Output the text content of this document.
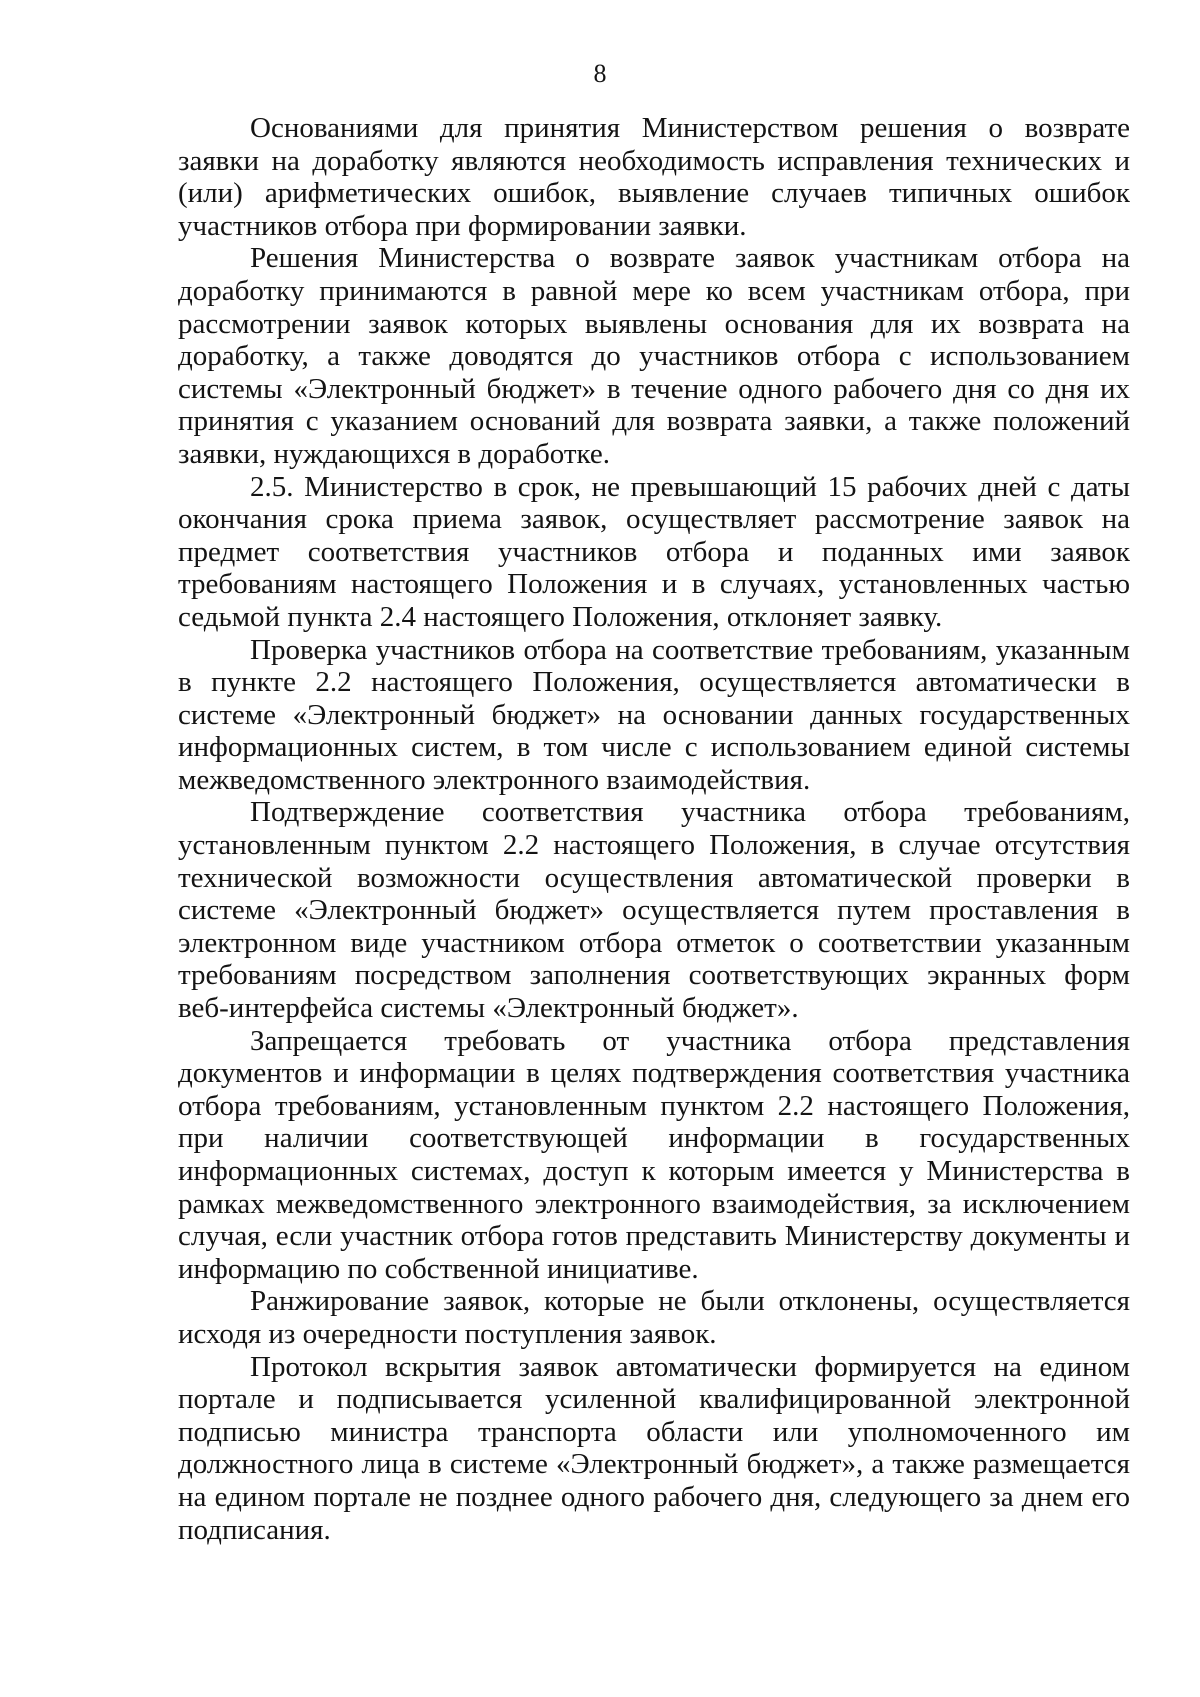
8

Основаниями для принятия Министерством решения о возврате заявки на доработку являются необходимость исправления технических и (или) арифметических ошибок, выявление случаев типичных ошибок участников отбора при формировании заявки.

Решения Министерства о возврате заявок участникам отбора на доработку принимаются в равной мере ко всем участникам отбора, при рассмотрении заявок которых выявлены основания для их возврата на доработку, а также доводятся до участников отбора с использованием системы «Электронный бюджет» в течение одного рабочего дня со дня их принятия с указанием оснований для возврата заявки, а также положений заявки, нуждающихся в доработке.

2.5. Министерство в срок, не превышающий 15 рабочих дней с даты окончания срока приема заявок, осуществляет рассмотрение заявок на предмет соответствия участников отбора и поданных ими заявок требованиям настоящего Положения и в случаях, установленных частью седьмой пункта 2.4 настоящего Положения, отклоняет заявку.

Проверка участников отбора на соответствие требованиям, указанным в пункте 2.2 настоящего Положения, осуществляется автоматически в системе «Электронный бюджет» на основании данных государственных информационных систем, в том числе с использованием единой системы межведомственного электронного взаимодействия.

Подтверждение соответствия участника отбора требованиям, установленным пунктом 2.2 настоящего Положения, в случае отсутствия технической возможности осуществления автоматической проверки в системе «Электронный бюджет» осуществляется путем проставления в электронном виде участником отбора отметок о соответствии указанным требованиям посредством заполнения соответствующих экранных форм веб-интерфейса системы «Электронный бюджет».

Запрещается требовать от участника отбора представления документов и информации в целях подтверждения соответствия участника отбора требованиям, установленным пунктом 2.2 настоящего Положения, при наличии соответствующей информации в государственных информационных системах, доступ к которым имеется у Министерства в рамках межведомственного электронного взаимодействия, за исключением случая, если участник отбора готов представить Министерству документы и информацию по собственной инициативе.

Ранжирование заявок, которые не были отклонены, осуществляется исходя из очередности поступления заявок.

Протокол вскрытия заявок автоматически формируется на едином портале и подписывается усиленной квалифицированной электронной подписью министра транспорта области или уполномоченного им должностного лица в системе «Электронный бюджет», а также размещается на едином портале не позднее одного рабочего дня, следующего за днем его подписания.
